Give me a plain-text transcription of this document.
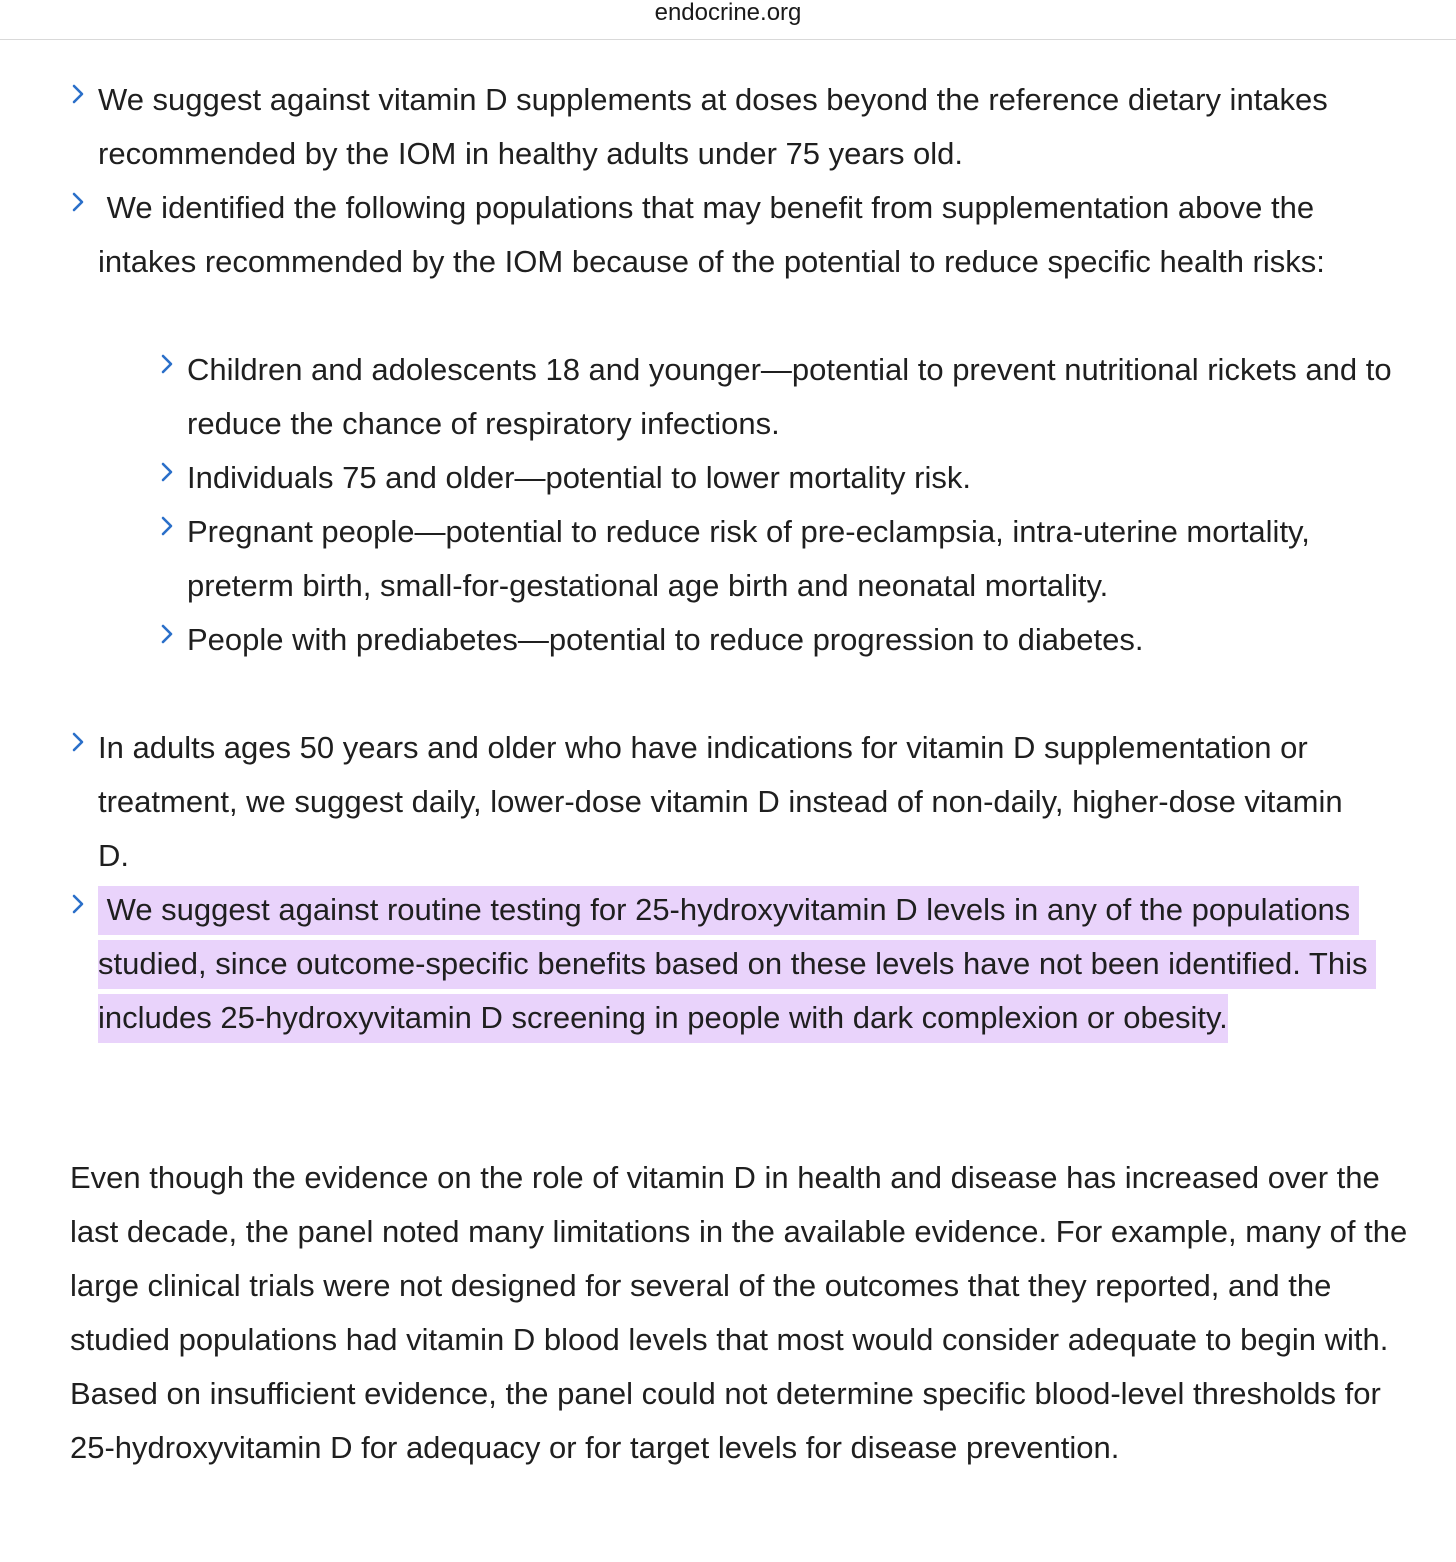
endocrine.org
We suggest against vitamin D supplements at doses beyond the reference dietary intakes recommended by the IOM in healthy adults under 75 years old.
We identified the following populations that may benefit from supplementation above the intakes recommended by the IOM because of the potential to reduce specific health risks:
Children and adolescents 18 and younger—potential to prevent nutritional rickets and to reduce the chance of respiratory infections.
Individuals 75 and older—potential to lower mortality risk.
Pregnant people—potential to reduce risk of pre-eclampsia, intra-uterine mortality, preterm birth, small-for-gestational age birth and neonatal mortality.
People with prediabetes—potential to reduce progression to diabetes.
In adults ages 50 years and older who have indications for vitamin D supplementation or treatment, we suggest daily, lower-dose vitamin D instead of non-daily, higher-dose vitamin D.
We suggest against routine testing for 25-hydroxyvitamin D levels in any of the populations studied, since outcome-specific benefits based on these levels have not been identified. This includes 25-hydroxyvitamin D screening in people with dark complexion or obesity.
Even though the evidence on the role of vitamin D in health and disease has increased over the last decade, the panel noted many limitations in the available evidence. For example, many of the large clinical trials were not designed for several of the outcomes that they reported, and the studied populations had vitamin D blood levels that most would consider adequate to begin with. Based on insufficient evidence, the panel could not determine specific blood-level thresholds for 25-hydroxyvitamin D for adequacy or for target levels for disease prevention.
